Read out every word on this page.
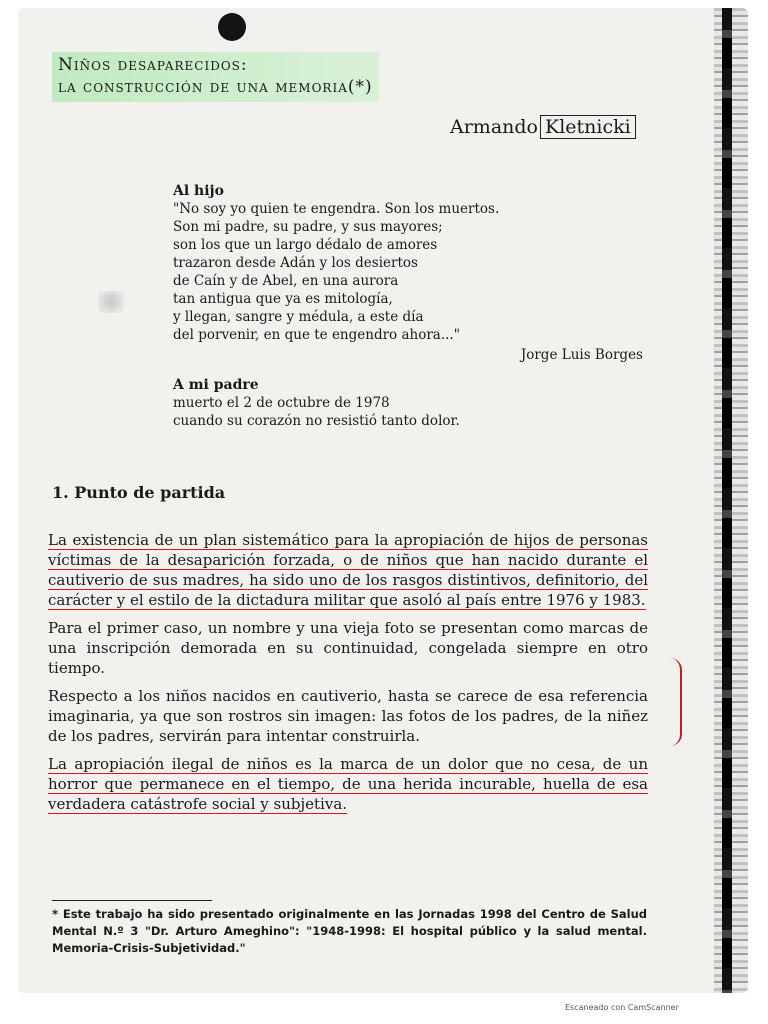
Niños desaparecidos:
la construcción de una memoria(*)
Armando Kletnicki
Al hijo
"No soy yo quien te engendra. Son los muertos.
Son mi padre, su padre, y sus mayores;
son los que un largo dédalo de amores
trazaron desde Adán y los desiertos
de Caín y de Abel, en una aurora
tan antigua que ya es mitología,
y llegan, sangre y médula, a este día
del porvenir, en que te engendro ahora..."
Jorge Luis Borges
A mi padre
muerto el 2 de octubre de 1978
cuando su corazón no resistió tanto dolor.
1. Punto de partida

La existencia de un plan sistemático para la apropiación de hijos de personas víctimas de la desaparición forzada, o de niños que han nacido durante el cautiverio de sus madres, ha sido uno de los rasgos distintivos, definitorio, del carácter y el estilo de la dictadura militar que asoló al país entre 1976 y 1983.

Para el primer caso, un nombre y una vieja foto se presentan como marcas de una inscripción demorada en su continuidad, congelada siempre en otro tiempo.

Respecto a los niños nacidos en cautiverio, hasta se carece de esa referencia imaginaria, ya que son rostros sin imagen: las fotos de los padres, de la niñez de los padres, servirán para intentar construirla.

La apropiación ilegal de niños es la marca de un dolor que no cesa, de un horror que permanece en el tiempo, de una herida incurable, huella de esa verdadera catástrofe social y subjetiva.

* Este trabajo ha sido presentado originalmente en las Jornadas 1998 del Centro de Salud Mental N.º 3 "Dr. Arturo Ameghino": "1948-1998: El hospital público y la salud mental. Memoria-Crisis-Subjetividad."
Escaneado con CamScanner
